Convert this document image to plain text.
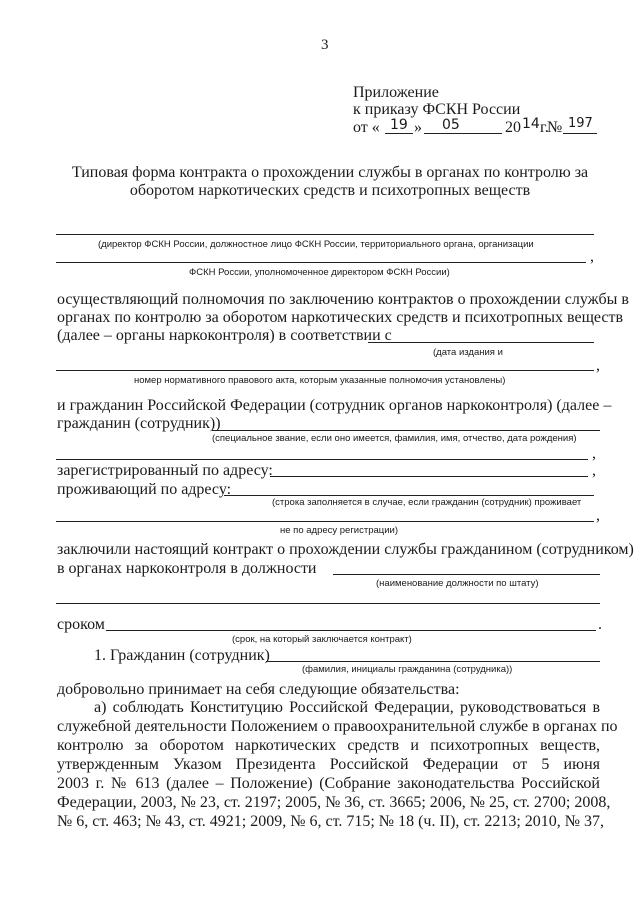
3
Приложение
к приказу ФСКН России
от « 19 » 05	20 14 г.
№ 197
Типовая форма контракта о прохождении службы в органах по контролю за
оборотом наркотических средств и психотропных веществ
(директор ФСКН России, должностное лицо ФСКН России, территориального органа, организации
,
ФСКН России, уполномоченное директором ФСКН России)
осуществляющий полномочия по заключению контрактов о прохождении службы в
органах по контролю за оборотом наркотических средств и психотропных веществ
(далее – органы наркоконтроля) в соответствии с
(дата издания и
,
номер нормативного правового акта, которым указанные полномочия установлены)
и гражданин Российской Федерации (сотрудник органов наркоконтроля) (далее –
гражданин (сотрудник))
(специальное звание, если оно имеется, фамилия, имя, отчество, дата рождения)
,
зарегистрированный по адресу:	,
проживающий по адресу:
(строка заполняется в случае, если гражданин (сотрудник) проживает
,
не по адресу регистрации)
заключили настоящий контракт о прохождении службы гражданином (сотрудником)
в органах наркоконтроля в должности
(наименование должности по штату)
сроком	.
(срок, на который заключается контракт)
1. Гражданин (сотрудник)
(фамилия, инициалы гражданина (сотрудника))
добровольно принимает на себя следующие обязательства:
а) соблюдать Конституцию Российской Федерации, руководствоваться в
служебной деятельности Положением о правоохранительной службе в органах по
контролю за оборотом наркотических средств и психотропных веществ,
утвержденным Указом Президента Российской Федерации от 5 июня
2003 г. № 613 (далее – Положение) (Собрание законодательства Российской
Федерации, 2003, № 23, ст. 2197; 2005, № 36, ст. 3665; 2006, № 25, ст. 2700; 2008,
№ 6, ст. 463; № 43, ст. 4921; 2009, № 6, ст. 715; № 18 (ч. II), ст. 2213; 2010, № 37,
